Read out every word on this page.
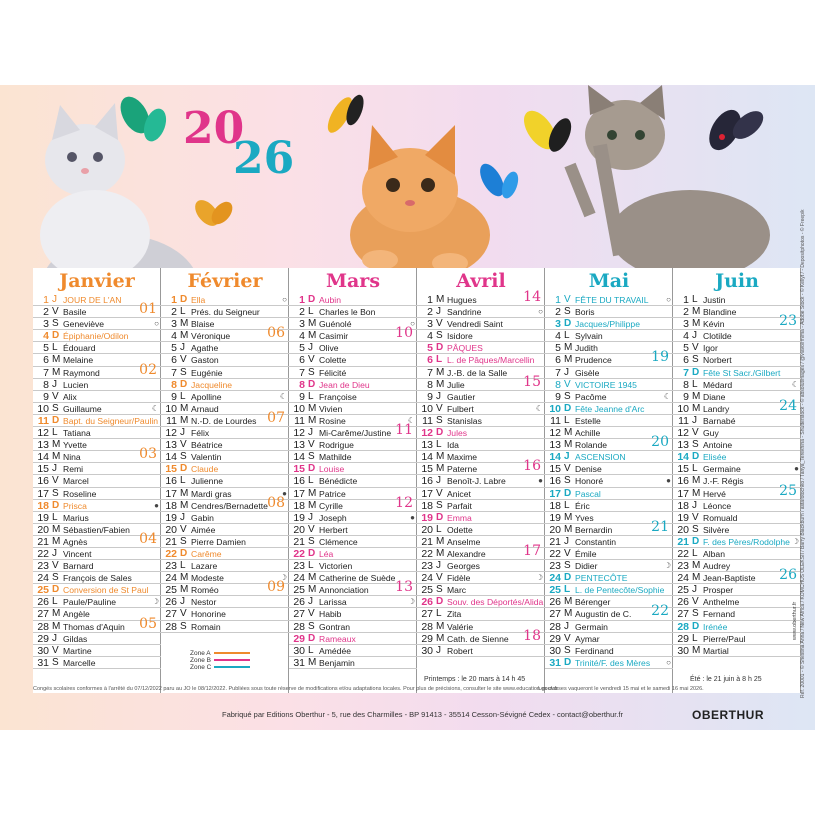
20
26
Janvier
1 J JOUR DE L'AN
2 V Basile	01
3 S Geneviève	○
4 D Épiphanie/Odilon
5 L Édouard
6 M Melaine
7 M Raymond	02
8 J Lucien
9 V Alix
10 S Guillaume	☾
11 D Bapt. du Seigneur/Paulin
12 L Tatiana
13 M Yvette
14 M Nina	03
15 J Remi
16 V Marcel
17 S Roseline
18 D Prisca	●
19 L Marius
20 M Sébastien/Fabien
21 M Agnès	04
22 J Vincent
23 V Barnard
24 S François de Sales
25 D Conversion de St Paul
26 L Paule/Pauline	☽
27 M Angèle
28 M Thomas d'Aquin	05
29 J Gildas
30 V Martine
31 S Marcelle
Février
1 D Ella	○
2 L Prés. du Seigneur
3 M Blaise
4 M Véronique	06
5 J Agathe
6 V Gaston
7 S Eugénie
8 D Jacqueline
9 L Apolline	☾
10 M Arnaud
11 M N.-D. de Lourdes 07
12 J Félix
13 V Béatrice
14 S Valentin
15 D Claude
16 L Julienne
17 M Mardi gras	●
18 M Cendres/Bernadette 08
19 J Gabin
20 V Aimée
21 S Pierre Damien
22 D Carême
23 L Lazare
24 M Modeste	☽
25 M Roméo	09
26 J Nestor
27 V Honorine
28 S Romain
Mars
1 D Aubin
2 L Charles le Bon
3 M Guénolé	○
4 M Casimir	10
5 J Olive
6 V Colette
7 S Félicité
8 D Jean de Dieu
9 L Françoise
10 M Vivien
11 M Rosine	☾
12 J Mi-Carême/Justine 11
13 V Rodrigue
14 S Mathilde
15 D Louise
16 L Bénédicte
17 M Patrice
18 M Cyrille	12
19 J Joseph	●
20 V Herbert
21 S Clémence
22 D Léa
23 L Victorien
24 M Catherine de Suède
25 M Annonciation	13
26 J Larissa	☽
27 V Habib
28 S Gontran
29 D Rameaux
30 L Amédée
31 M Benjamin
Avril
1 M Hugues	14
2 J Sandrine	○
3 V Vendredi Saint
4 S Isidore
5 D PÂQUES
6 L L. de Pâques/Marcellin
7 M J.-B. de la Salle
8 M Julie	15
9 J Gautier
10 V Fulbert	☾
11 S Stanislas
12 D Jules
13 L Ida
14 M Maxime
15 M Paterne	16
16 J Benoît-J. Labre	●
17 V Anicet
18 S Parfait
19 D Emma
20 L Odette
21 M Anselme
22 M Alexandre	17
23 J Georges
24 V Fidèle	☽
25 S Marc
26 D Souv. des Déportés/Alida
27 L Zita
28 M Valérie
29 M Cath. de Sienne	18
30 J Robert
Mai
1 V FÊTE DU TRAVAIL	○
2 S Boris
3 D Jacques/Philippe
4 L Sylvain
5 M Judith
6 M Prudence	19
7 J Gisèle
8 V VICTOIRE 1945
9 S Pacôme	☾
10 D Fête Jeanne d'Arc
11 L Estelle
12 M Achille
13 M Rolande	20
14 J ASCENSION
15 V Denise
16 S Honoré	●
17 D Pascal
18 L Éric
19 M Yves
20 M Bernardin	21
21 J Constantin
22 V Émile
23 S Didier	☽
24 D PENTECÔTE
25 L L. de Pentecôte/Sophie
26 M Bérenger
27 M Augustin de C.	22
28 J Germain
29 V Aymar
30 S Ferdinand
31 D Trinité/F. des Mères	○
Juin
1 L Justin
2 M Blandine
3 M Kévin	23
4 J Clotilde
5 V Igor
6 S Norbert
7 D Fête St Sacr./Gilbert
8 L Médard	☾
9 M Diane
10 M Landry	24
11 J Barnabé
12 V Guy
13 S Antoine
14 D Elisée
15 L Germaine	●
16 M J.-F. Régis
17 M Hervé	25
18 J Léonce
19 V Romuald
20 S Silvère
21 D F. des Pères/Rodolphe ☽
22 L Alban
23 M Audrey
24 M Jean-Baptiste	26
25 J Prosper
26 V Anthelme
27 S Fernand
28 D Irénée
29 L Pierre/Paul
30 M Martial
Zone A
Zone B
Zone C
Printemps : le 20 mars à 14 h 45	Été : le 21 juin à 8 h 25
Congés scolaires conformes à l'arrêté du 07/12/2022 paru au JO le 08/12/2022. Publiées sous toute réserve de modifications et/ou adaptations locales. Pour plus de précisions, consulter le site www.education.gouv.fr
Les classes vaqueront le vendredi 15 mai et le samedi 16 mai 2026.
Fabriqué par Editions Oberthur - 5, rue des Charmilles - BP 91413 - 35514 Cesson-Sévigné Cedex - contact@oberthur.fr	OBERTHUR
www.oberthur.fr Réf. 20001 - © Shestina Anna / New Africa / KOMCHUS OLEKSII / Barry Blackburn / astafotochko / Tanya_Terekhina - Shutterstock - © absolutimages / @viavoirmima - Adobe Stock - © Keliyt / - Depositphotos - © Freepik
